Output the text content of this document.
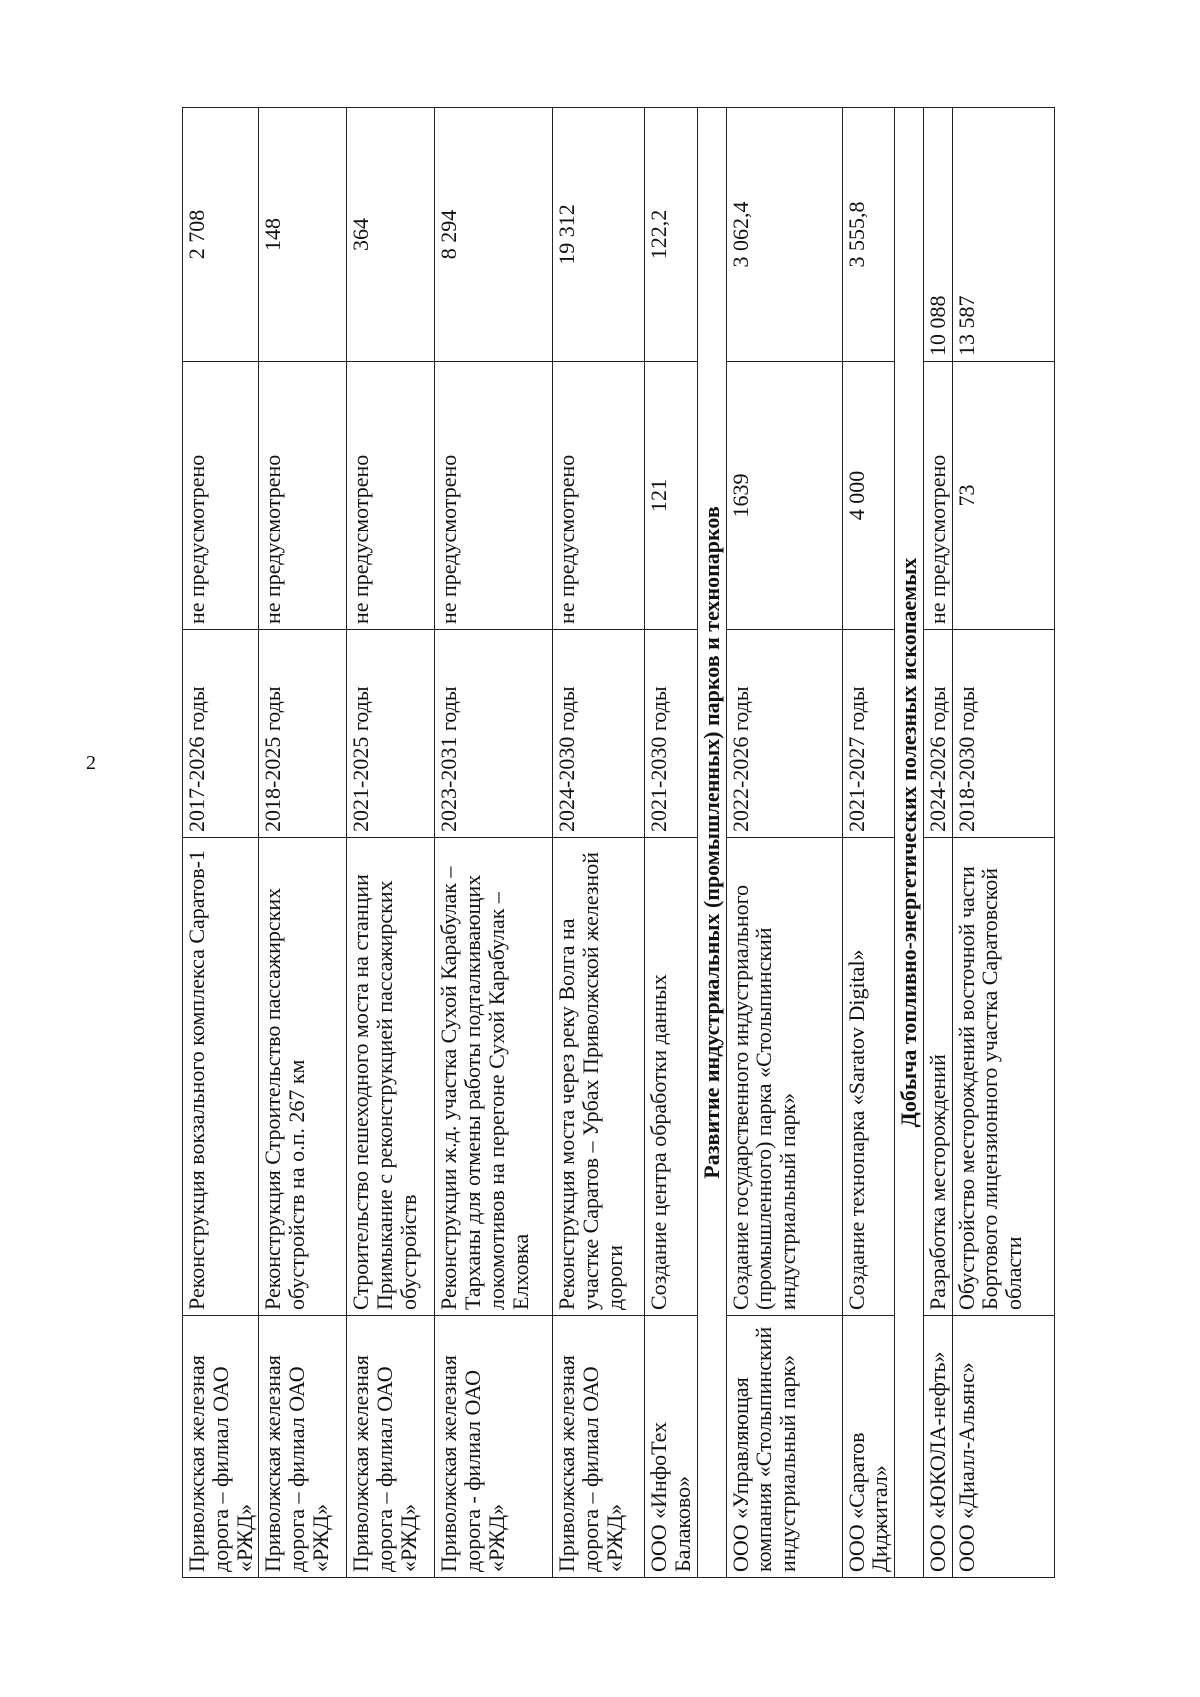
2
Приволжская железная дорога – филиал ОАО «РЖД»	Реконструкция вокзального комплекса Саратов-1	2017-2026 годы	не предусмотрено	2 708
Приволжская железная дорога – филиал ОАО «РЖД»	Реконструкция Строительство пассажирских обустройств на о.п. 267 км	2018-2025 годы	не предусмотрено	148
Приволжская железная дорога – филиал ОАО «РЖД»	Строительство пешеходного моста на станции Примыкание с реконструкцией пассажирских обустройств	2021-2025 годы	не предусмотрено	364
Приволжская железная дорога - филиал ОАО «РЖД»	Реконструкции ж.д. участка Сухой Карабулак – Тарханы для отмены работы подталкивающих локомотивов на перегоне Сухой Карабулак – Елховка	2023-2031 годы	не предусмотрено	8 294
Приволжская железная дорога – филиал ОАО «РЖД»	Реконструкция моста через реку Волга на участке Саратов – Урбах Приволжской железной дороги	2024-2030 годы	не предусмотрено	19 312
ООО «ИнфоТех Балаково»	Создание центра обработки данных	2021-2030 годы	121	122,2
Развитие индустриальных (промышленных) парков и технопарков				
ООО «Управляющая компания «Столыпинский индустриальный парк»	Создание государственного индустриального (промышленного) парка «Столыпинский индустриальный парк»	2022-2026 годы	1639	3 062,4
ООО «Саратов Диджитал»	Создание технопарка «Saratov Digital»	2021-2027 годы	4 000	3 555,8
Добыча топливно-энергетических полезных ископаемых				
ООО «ЮКОЛА-нефть»	Разработка месторождений	2024-2026 годы	не предусмотрено	10 088
ООО «Диалл-Альянс»	Обустройство месторождений восточной части Бортового лицензионного участка Саратовской области	2018-2030 годы	73	13 587
